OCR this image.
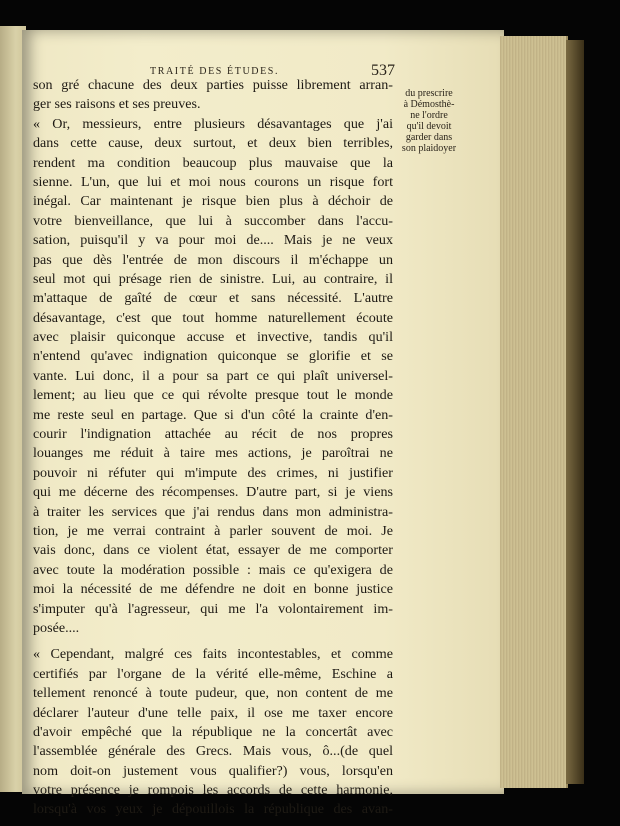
TRAITÉ DES ÉTUDES.	537
du prescrire
à Démosthè-
ne l'ordre
qu'il devoit
garder dans
son plaidoyer
son gré chacune des deux parties puisse librement arran-
ger ses raisons et ses preuves.
« Or, messieurs, entre plusieurs désavantages que j'ai
dans cette cause, deux surtout, et deux bien terribles,
rendent ma condition beaucoup plus mauvaise que la
sienne. L'un, que lui et moi nous courons un risque fort
inégal. Car maintenant je risque bien plus à déchoir de
votre bienveillance, que lui à succomber dans l'accu-
sation, puisqu'il y va pour moi de.... Mais je ne veux
pas que dès l'entrée de mon discours il m'échappe un
seul mot qui présage rien de sinistre. Lui, au contraire, il
m'attaque de gaîté de cœur et sans nécessité. L'autre
désavantage, c'est que tout homme naturellement écoute
avec plaisir quiconque accuse et invective, tandis qu'il
n'entend qu'avec indignation quiconque se glorifie et se
vante. Lui donc, il a pour sa part ce qui plaît universel-
lement; au lieu que ce qui révolte presque tout le monde
me reste seul en partage. Que si d'un côté la crainte d'en-
courir l'indignation attachée au récit de nos propres
louanges me réduit à taire mes actions, je paroîtrai ne
pouvoir ni réfuter qui m'impute des crimes, ni justifier
qui me décerne des récompenses. D'autre part, si je viens
à traiter les services que j'ai rendus dans mon administra-
tion, je me verrai contraint à parler souvent de moi. Je
vais donc, dans ce violent état, essayer de me comporter
avec toute la modération possible : mais ce qu'exigera de
moi la nécessité de me défendre ne doit en bonne justice
s'imputer qu'à l'agresseur, qui me l'a volontairement im-
posée....
« Cependant, malgré ces faits incontestables, et comme
certifiés par l'organe de la vérité elle-même, Eschine a
tellement renoncé à toute pudeur, que, non content de me
déclarer l'auteur d'une telle paix, il ose me taxer encore
d'avoir empêché que la république ne la concertât avec
l'assemblée générale des Grecs. Mais vous, ô...(de quel
nom doit-on justement vous qualifier?) vous, lorsqu'en
votre présence je rompois les accords de cette harmonie,
lorsqu'à vos yeux je dépouillois la république des avan-
